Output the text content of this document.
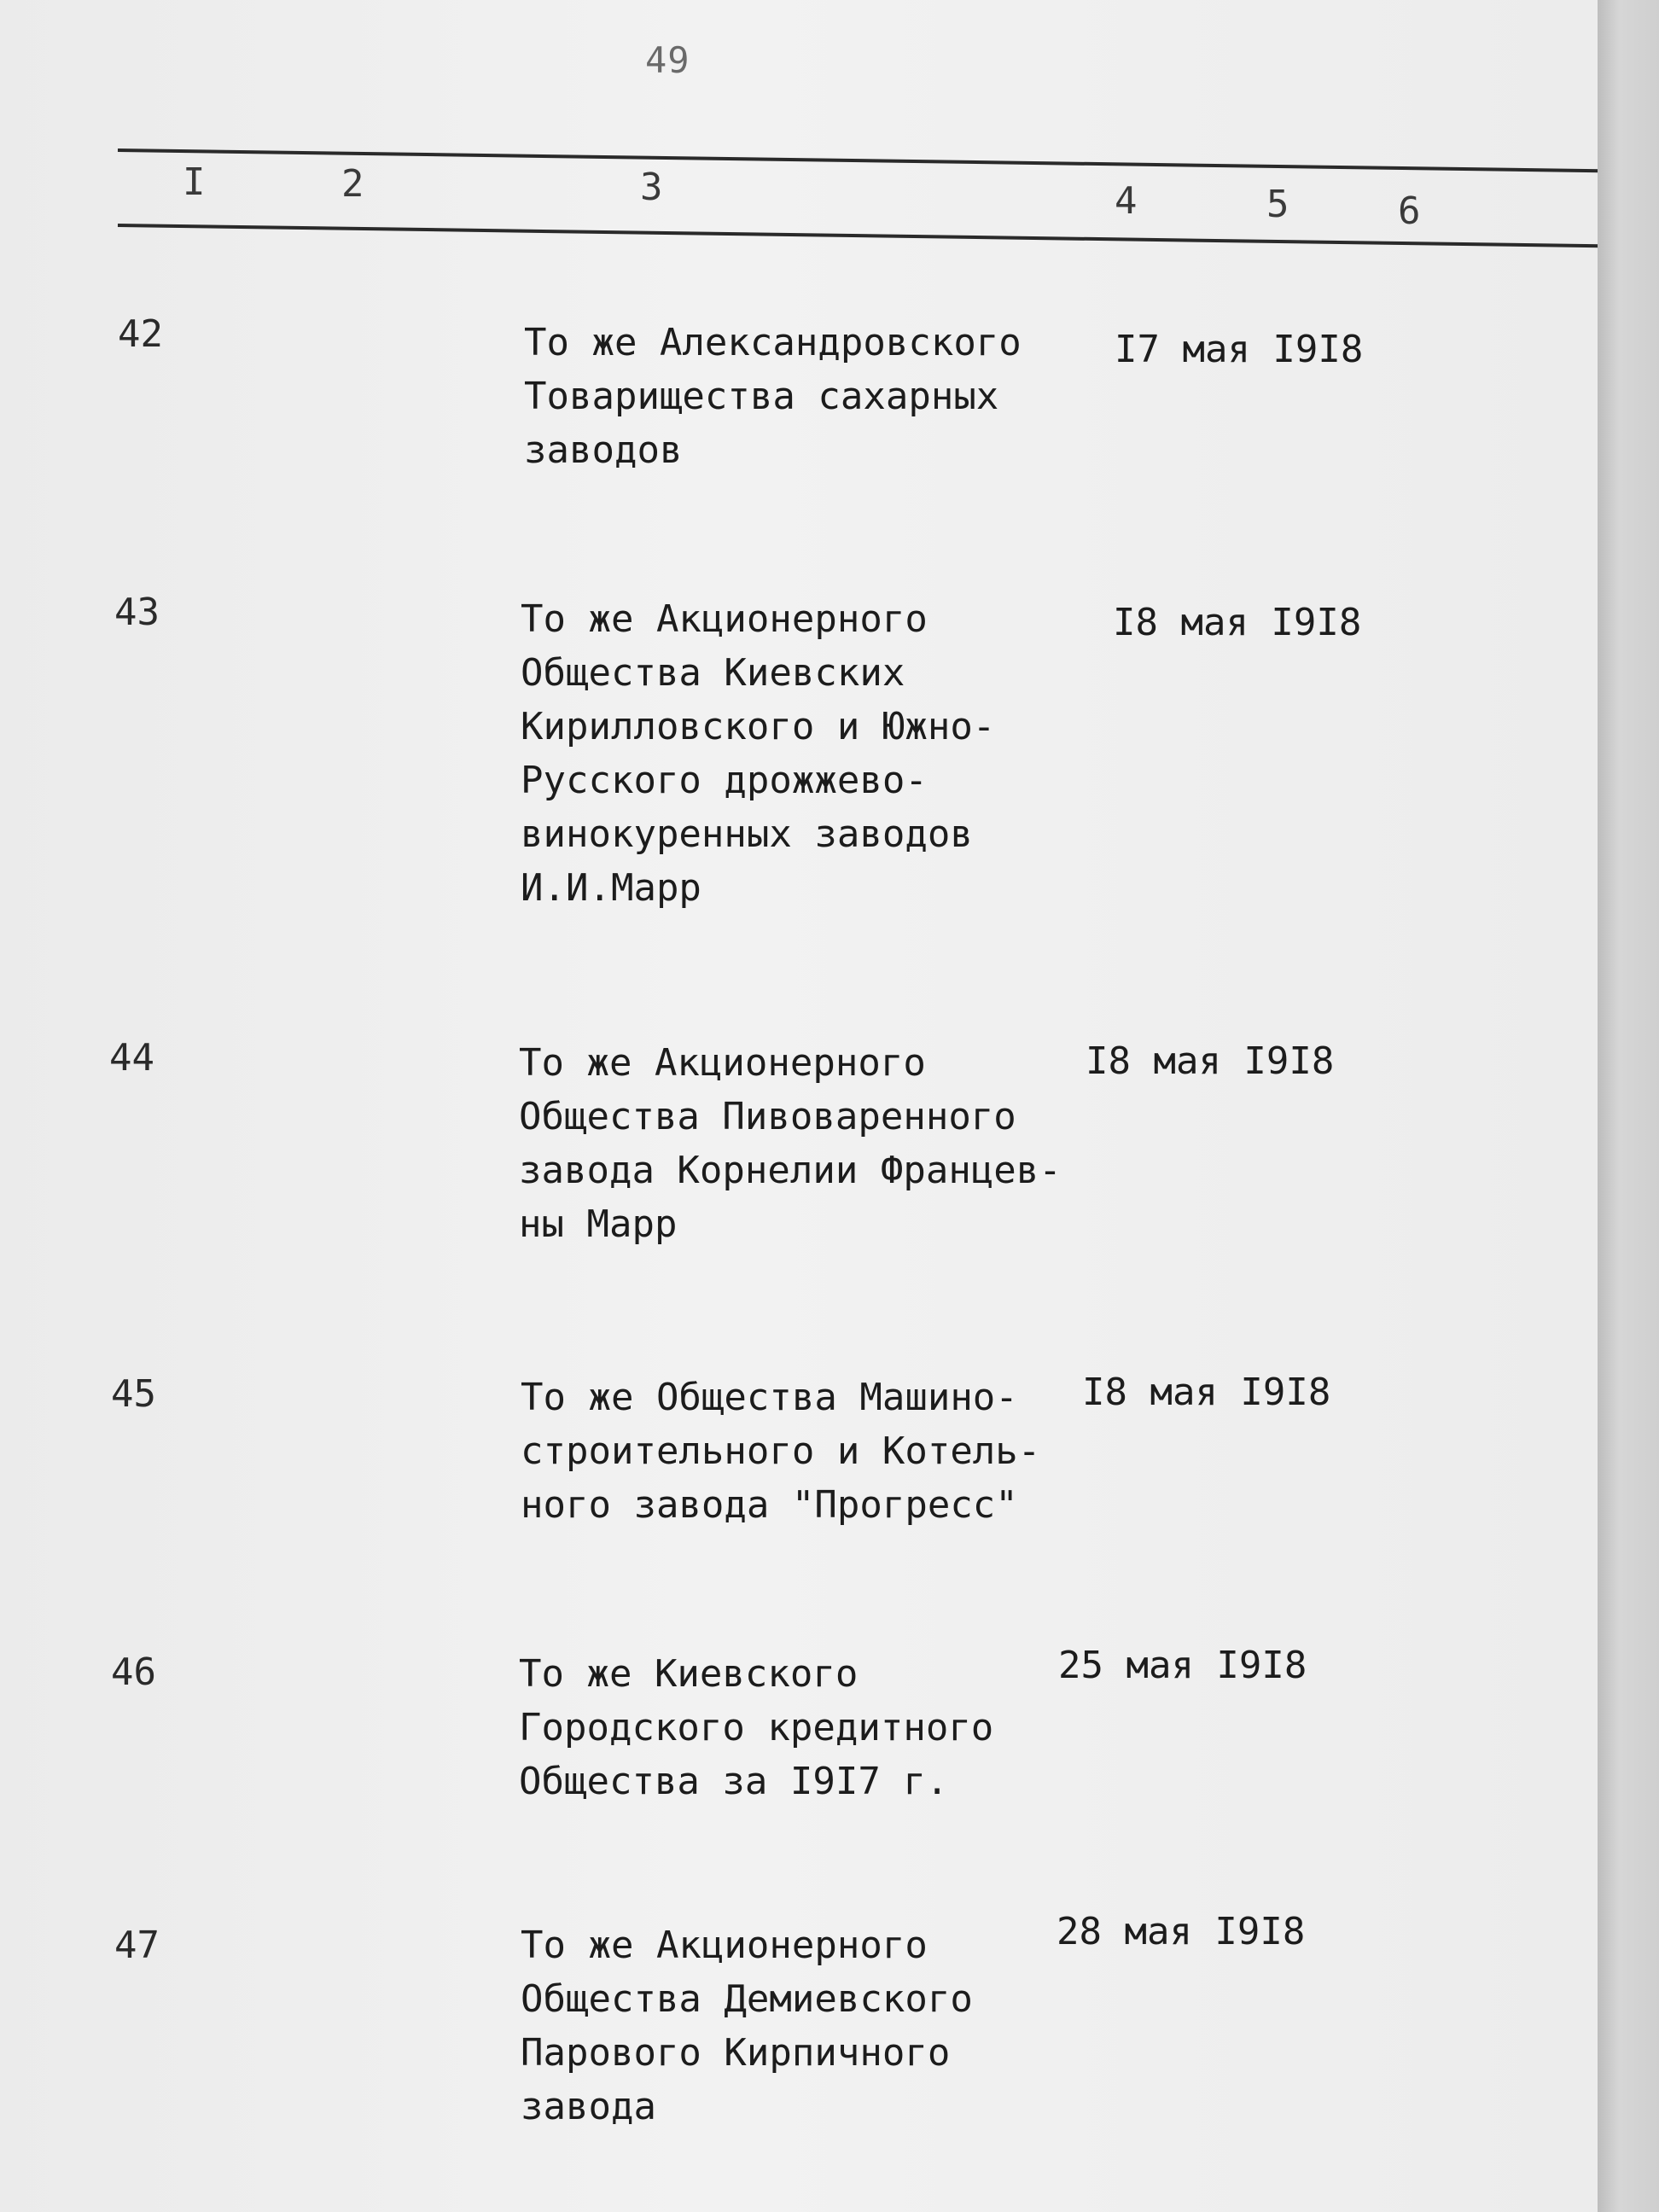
49
I	2	3	4	5	6
42	То же Александровского
Товарищества сахарных
заводов
I7 мая I9I8
43	То же Акционерного
Общества Киевских
Кирилловского и Южно-
Русского дрожжево-
винокуренных заводов
И.И.Марр
I8 мая I9I8
44	То же Акционерного
Общества Пивоваренного
завода Корнелии Францев-
ны Марр
I8 мая I9I8
45	То же Общества Машино-
строительного и Котель-
ного завода "Прогресс"
I8 мая I9I8
46	То же Киевского
Городского кредитного
Общества за I9I7 г.
25 мая I9I8
47	То же Акционерного
Общества Демиевского
Парового Кирпичного
завода
28 мая I9I8
